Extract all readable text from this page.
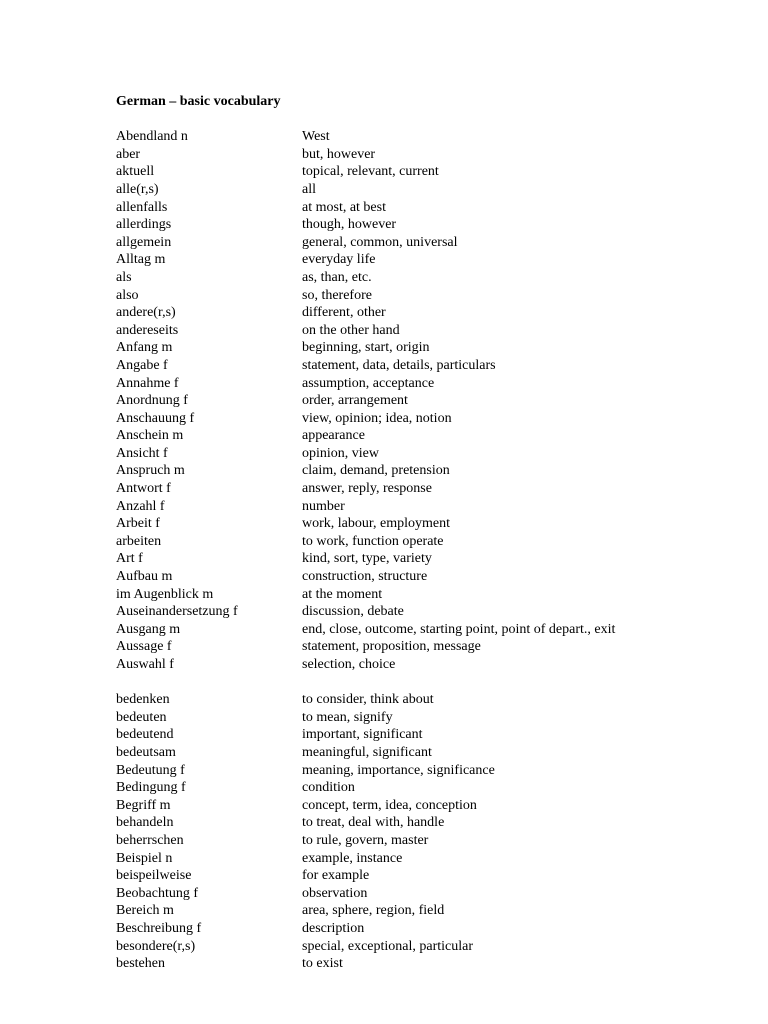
German – basic vocabulary
Abendland n	West
aber	but, however
aktuell	topical, relevant, current
alle(r,s)	all
allenfalls	at most, at best
allerdings	though, however
allgemein	general, common, universal
Alltag m	everyday life
als	as, than, etc.
also	so, therefore
andere(r,s)	different, other
andereseits	on the other hand
Anfang m	beginning, start, origin
Angabe f	statement, data, details, particulars
Annahme f	assumption, acceptance
Anordnung f	order, arrangement
Anschauung f	view, opinion; idea, notion
Anschein m	appearance
Ansicht f	opinion, view
Anspruch m	claim, demand, pretension
Antwort f	answer, reply, response
Anzahl f	number
Arbeit f	work, labour, employment
arbeiten	to work, function operate
Art f	kind, sort, type, variety
Aufbau m	construction, structure
im Augenblick m	at the moment
Auseinandersetzung f	discussion, debate
Ausgang m	end, close, outcome, starting point, point of depart., exit
Aussage f	statement, proposition, message
Auswahl f	selection, choice
bedenken	to consider, think about
bedeuten	to mean, signify
bedeutend	important, significant
bedeutsam	meaningful, significant
Bedeutung f	meaning, importance, significance
Bedingung f	condition
Begriff m	concept, term, idea, conception
behandeln	to treat, deal with, handle
beherrschen	to rule, govern, master
Beispiel n	example, instance
beispeilweise	for example
Beobachtung f	observation
Bereich m	area, sphere, region, field
Beschreibung f	description
besondere(r,s)	special, exceptional, particular
bestehen	to exist
